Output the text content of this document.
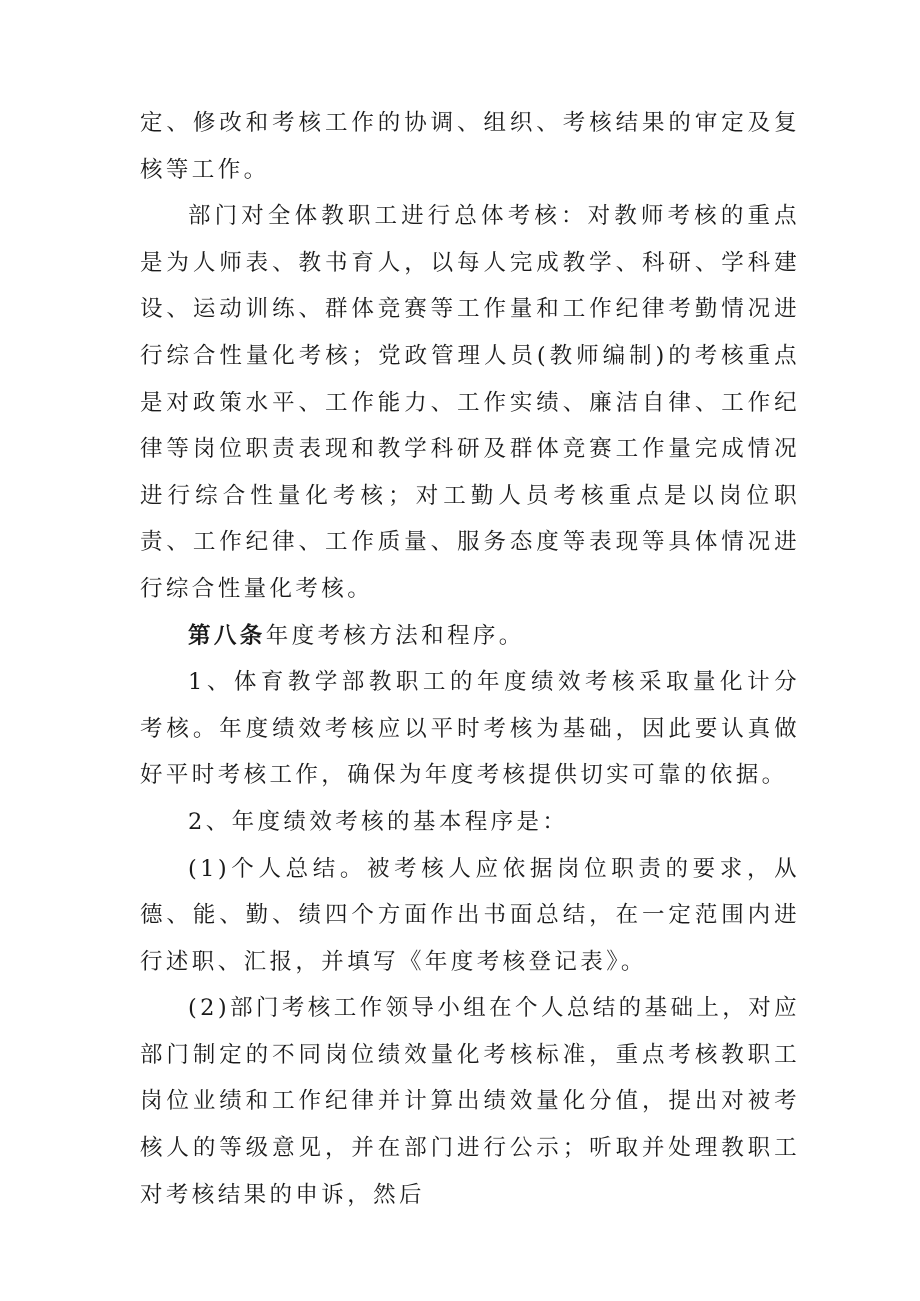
定、修改和考核工作的协调、组织、考核结果的审定及复核等工作。

部门对全体教职工进行总体考核：对教师考核的重点是为人师表、教书育人，以每人完成教学、科研、学科建设、运动训练、群体竞赛等工作量和工作纪律考勤情况进行综合性量化考核；党政管理人员(教师编制)的考核重点是对政策水平、工作能力、工作实绩、廉洁自律、工作纪律等岗位职责表现和教学科研及群体竞赛工作量完成情况进行综合性量化考核；对工勤人员考核重点是以岗位职责、工作纪律、工作质量、服务态度等表现等具体情况进行综合性量化考核。

第八条年度考核方法和程序。

1、体育教学部教职工的年度绩效考核采取量化计分考核。年度绩效考核应以平时考核为基础，因此要认真做好平时考核工作，确保为年度考核提供切实可靠的依据。

2、年度绩效考核的基本程序是：

(1)个人总结。被考核人应依据岗位职责的要求，从德、能、勤、绩四个方面作出书面总结，在一定范围内进行述职、汇报，并填写《年度考核登记表》。

(2)部门考核工作领导小组在个人总结的基础上，对应部门制定的不同岗位绩效量化考核标准，重点考核教职工岗位业绩和工作纪律并计算出绩效量化分值，提出对被考核人的等级意见，并在部门进行公示；听取并处理教职工对考核结果的申诉，然后
